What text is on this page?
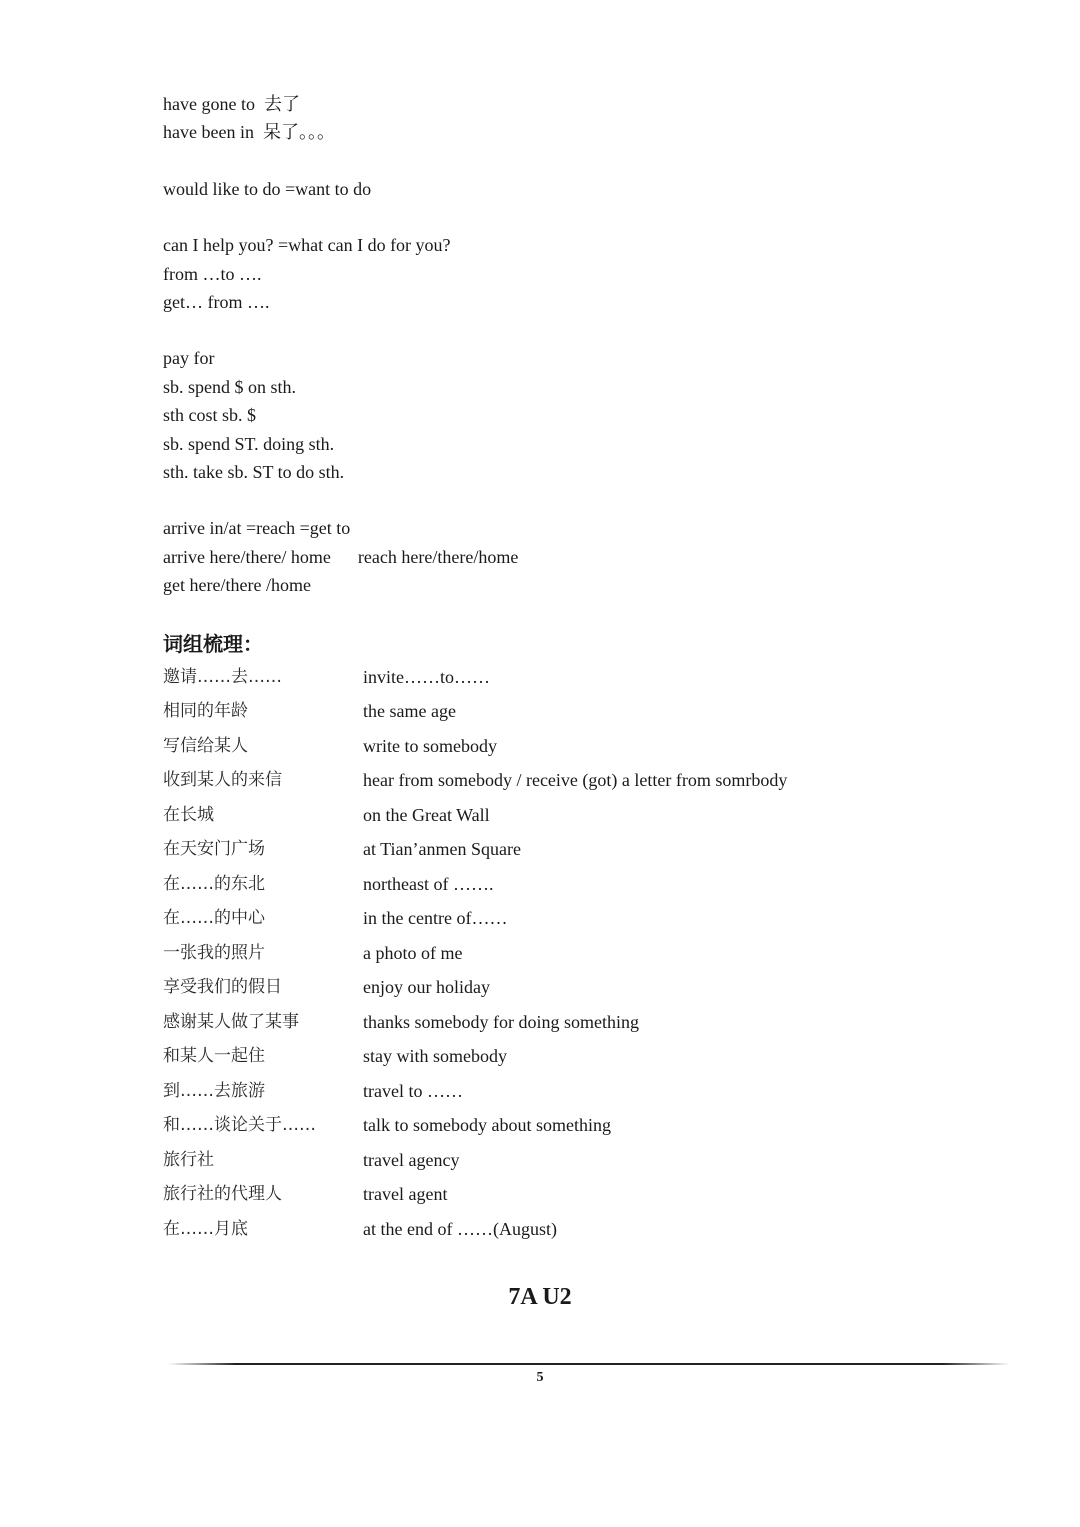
have gone to  去了
have been in  呆了。。。
would like to do =want to do
can I help you? =what can I do for you?
from …to ….
get… from ….
pay for
sb. spend $ on sth.
sth cost sb. $
sb. spend ST. doing sth.
sth. take sb. ST to do sth.
arrive in/at =reach =get to
arrive here/there/ home      reach here/there/home
get here/there /home
词组梳理：
邀请……去……	invite……to……
相同的年龄	the same age
写信给某人	write to somebody
收到某人的来信	hear from somebody / receive (got) a letter from somrbody
在长城	on the Great Wall
在天安门广场	at Tian’anmen Square
在……的东北	northeast of …….
在……的中心	in the centre of……
一张我的照片	a photo of me
享受我们的假日	enjoy our holiday
感谢某人做了某事	thanks somebody for doing something
和某人一起住	stay with somebody
到……去旅游	travel to ……
和……谈论关于……	talk to somebody about something
旅行社	travel agency
旅行社的代理人	travel agent
在……月底	at the end of ……(August)
7A U2
5
